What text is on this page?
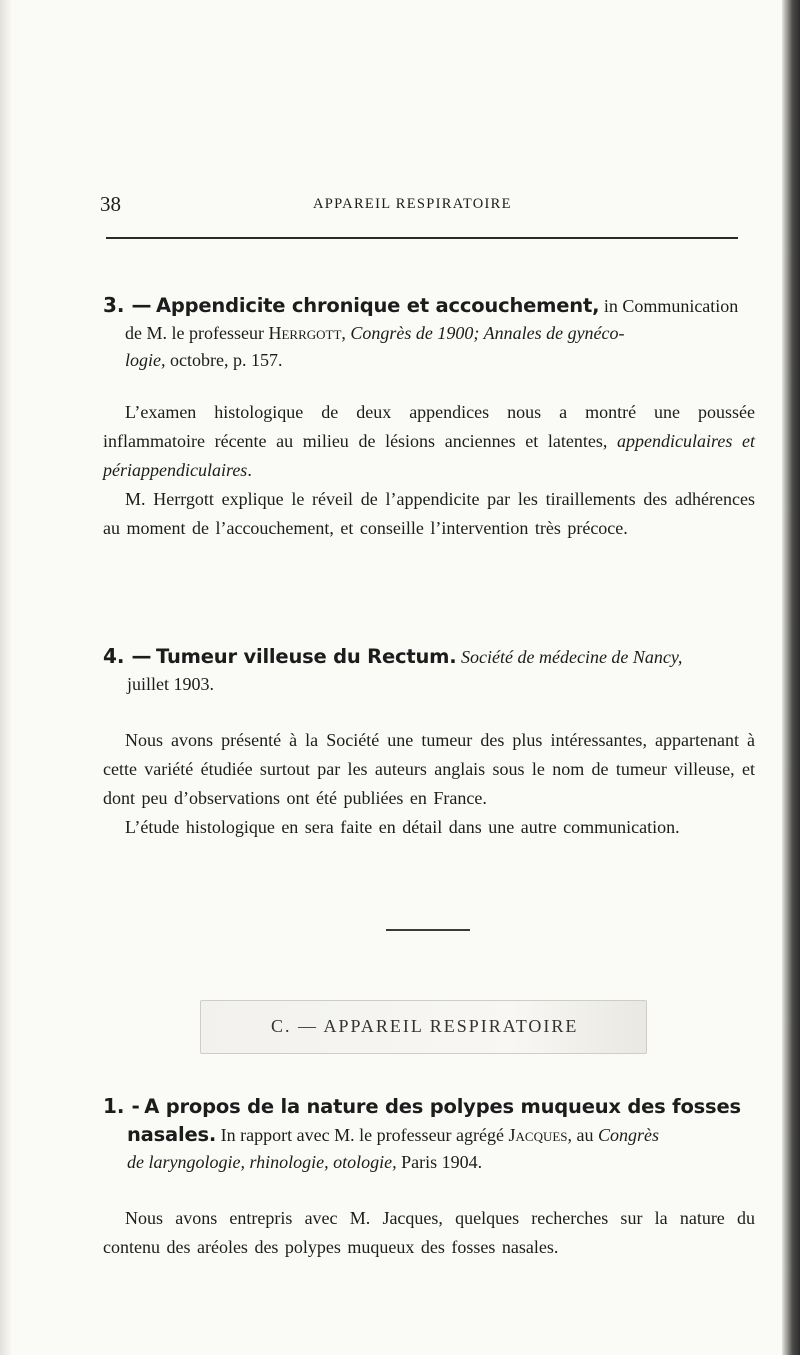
38	APPAREIL RESPIRATOIRE
3. — Appendicite chronique et accouchement, in Communication
de M. le professeur Herrgott, Congrès de 1900; Annales de gynéco-
logie, octobre, p. 157.

L’examen histologique de deux appendices nous a montré une poussée inflammatoire récente au milieu de lésions anciennes et latentes, appendiculaires et périappendiculaires.

M. Herrgott explique le réveil de l’appendicite par les tiraillements des adhérences au moment de l’accouchement, et conseille l’intervention très précoce.

4. — Tumeur villeuse du Rectum. Société de médecine de Nancy,
juillet 1903.

Nous avons présenté à la Société une tumeur des plus intéressantes, appartenant à cette variété étudiée surtout par les auteurs anglais sous le nom de tumeur villeuse, et dont peu d’observations ont été publiées en France.

L’étude histologique en sera faite en détail dans une autre communication.

C. — APPAREIL RESPIRATOIRE
1. - A propos de la nature des polypes muqueux des fosses
nasales. In rapport avec M. le professeur agrégé Jacques, au Congrès
de laryngologie, rhinologie, otologie, Paris 1904.

Nous avons entrepris avec M. Jacques, quelques recherches sur la nature du contenu des aréoles des polypes muqueux des fosses nasales.
